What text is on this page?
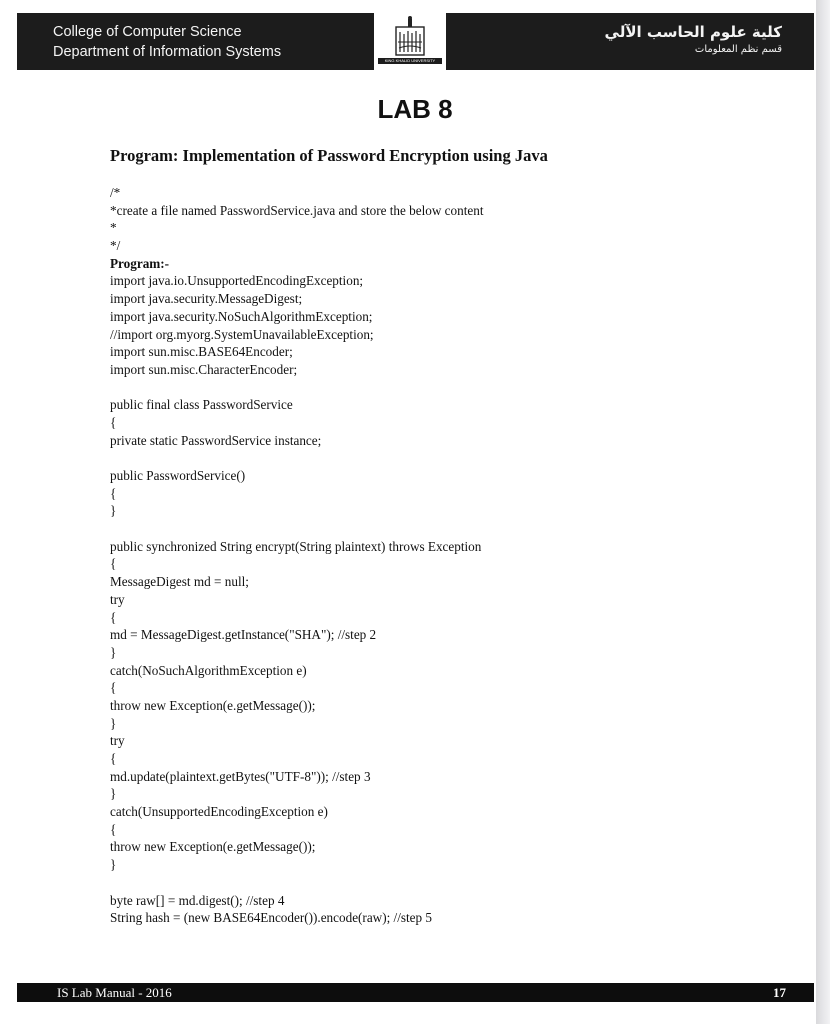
College of Computer Science
Department of Information Systems
KING KHALID UNIVERSITY
كلية علوم الحاسب الآلي
قسم نظم المعلومات
LAB 8
Program: Implementation of Password Encryption using Java
/*
*create a file named PasswordService.java and store the below content
*
*/
Program:-
import java.io.UnsupportedEncodingException;
import java.security.MessageDigest;
import java.security.NoSuchAlgorithmException;
//import org.myorg.SystemUnavailableException;
import sun.misc.BASE64Encoder;
import sun.misc.CharacterEncoder;
public final class PasswordService
{
private static PasswordService instance;
public PasswordService()
{
}
public synchronized String encrypt(String plaintext) throws Exception
{
MessageDigest md = null;
try
{
md = MessageDigest.getInstance("SHA"); //step 2
}
catch(NoSuchAlgorithmException e)
{
throw new Exception(e.getMessage());
}
try
{
md.update(plaintext.getBytes("UTF-8")); //step 3
}
catch(UnsupportedEncodingException e)
{
throw new Exception(e.getMessage());
}
byte raw[] = md.digest(); //step 4
String hash = (new BASE64Encoder()).encode(raw); //step 5
IS Lab Manual - 2016	17
